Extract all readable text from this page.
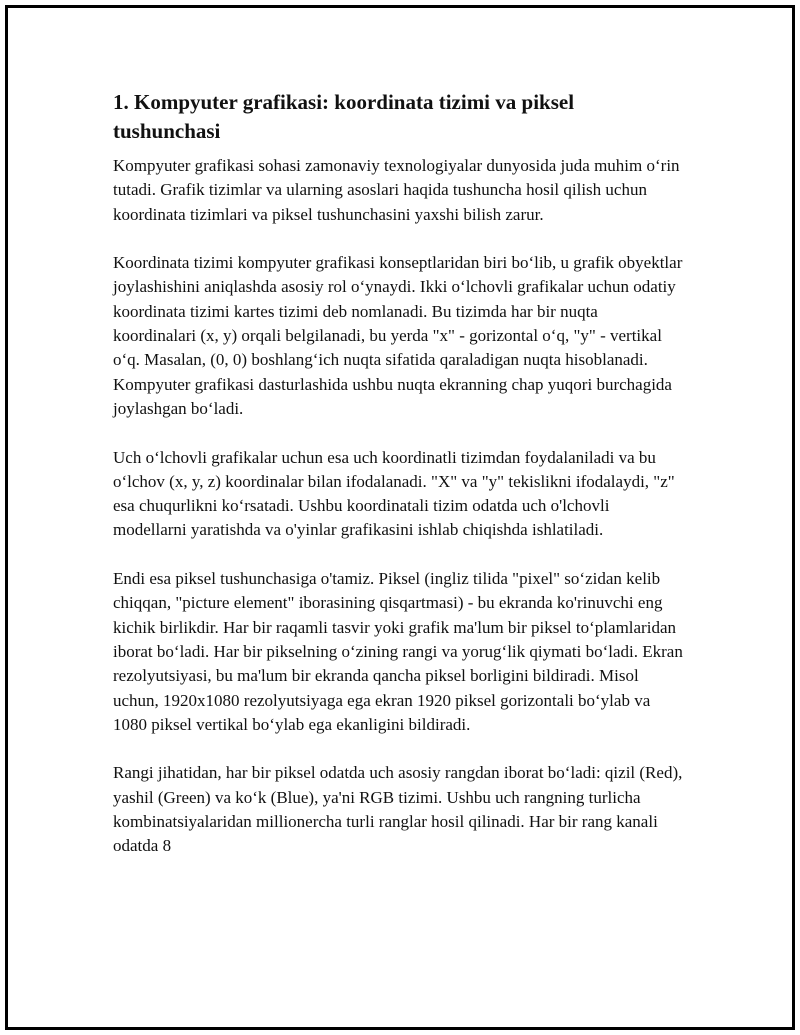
1. Kompyuter grafikasi: koordinata tizimi va piksel tushunchasi

Kompyuter grafikasi sohasi zamonaviy texnologiyalar dunyosida juda muhim o‘rin tutadi. Grafik tizimlar va ularning asoslari haqida tushuncha hosil qilish uchun koordinata tizimlari va piksel tushunchasini yaxshi bilish zarur.

Koordinata tizimi kompyuter grafikasi konseptlaridan biri bo‘lib, u grafik obyektlar joylashishini aniqlashda asosiy rol o‘ynaydi. Ikki o‘lchovli grafikalar uchun odatiy koordinata tizimi kartes tizimi deb nomlanadi. Bu tizimda har bir nuqta koordinalari (x, y) orqali belgilanadi, bu yerda "x" - gorizontal o‘q, "y" - vertikal o‘q. Masalan, (0, 0) boshlang‘ich nuqta sifatida qaraladigan nuqta hisoblanadi. Kompyuter grafikasi dasturlashida ushbu nuqta ekranning chap yuqori burchagida joylashgan bo‘ladi.

Uch o‘lchovli grafikalar uchun esa uch koordinatli tizimdan foydalaniladi va bu o‘lchov (x, y, z) koordinalar bilan ifodalanadi. "X" va "y" tekislikni ifodalaydi, "z" esa chuqurlikni ko‘rsatadi. Ushbu koordinatali tizim odatda uch o'lchovli modellarni yaratishda va o'yinlar grafikasini ishlab chiqishda ishlatiladi.

Endi esa piksel tushunchasiga o'tamiz. Piksel (ingliz tilida "pixel" so‘zidan kelib chiqqan, "picture element" iborasining qisqartmasi) - bu ekranda ko'rinuvchi eng kichik birlikdir. Har bir raqamli tasvir yoki grafik ma'lum bir piksel to‘plamlaridan iborat bo‘ladi. Har bir pikselning o‘zining rangi va yorug‘lik qiymati bo‘ladi. Ekran rezolyutsiyasi, bu ma'lum bir ekranda qancha piksel borligini bildiradi. Misol uchun, 1920x1080 rezolyutsiyaga ega ekran 1920 piksel gorizontali bo‘ylab va 1080 piksel vertikal bo‘ylab ega ekanligini bildiradi.

Rangi jihatidan, har bir piksel odatda uch asosiy rangdan iborat bo‘ladi: qizil (Red), yashil (Green) va ko‘k (Blue), ya'ni RGB tizimi. Ushbu uch rangning turlicha kombinatsiyalaridan millionercha turli ranglar hosil qilinadi. Har bir rang kanali odatda 8
